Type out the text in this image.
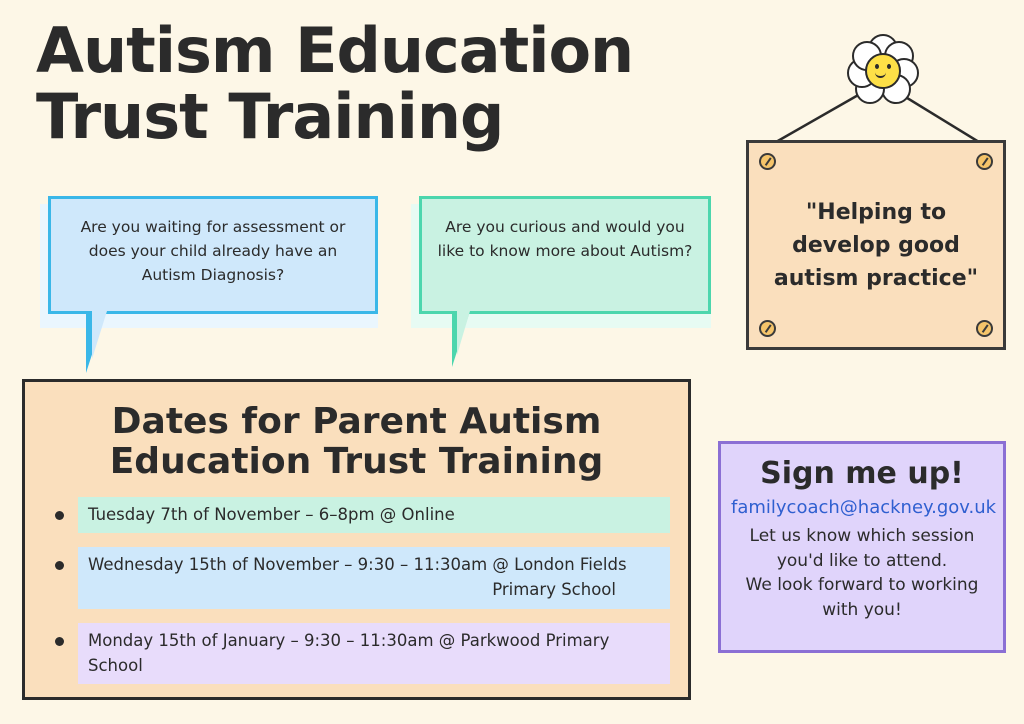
Autism Education
Trust Training
Are you waiting for assessment or does your child already have an Autism Diagnosis?
Are you curious and would you like to know more about Autism?
"Helping to develop good autism practice"
Dates for Parent Autism
Education Trust Training
Tuesday 7th of November – 6–8pm @ Online
Wednesday 15th of November – 9:30 – 11:30am @ London Fields
Primary School
Monday 15th of January – 9:30 – 11:30am @ Parkwood Primary School
Sign me up!
familycoach@hackney.gov.uk
Let us know which session
you'd like to attend.
We look forward to working
with you!
